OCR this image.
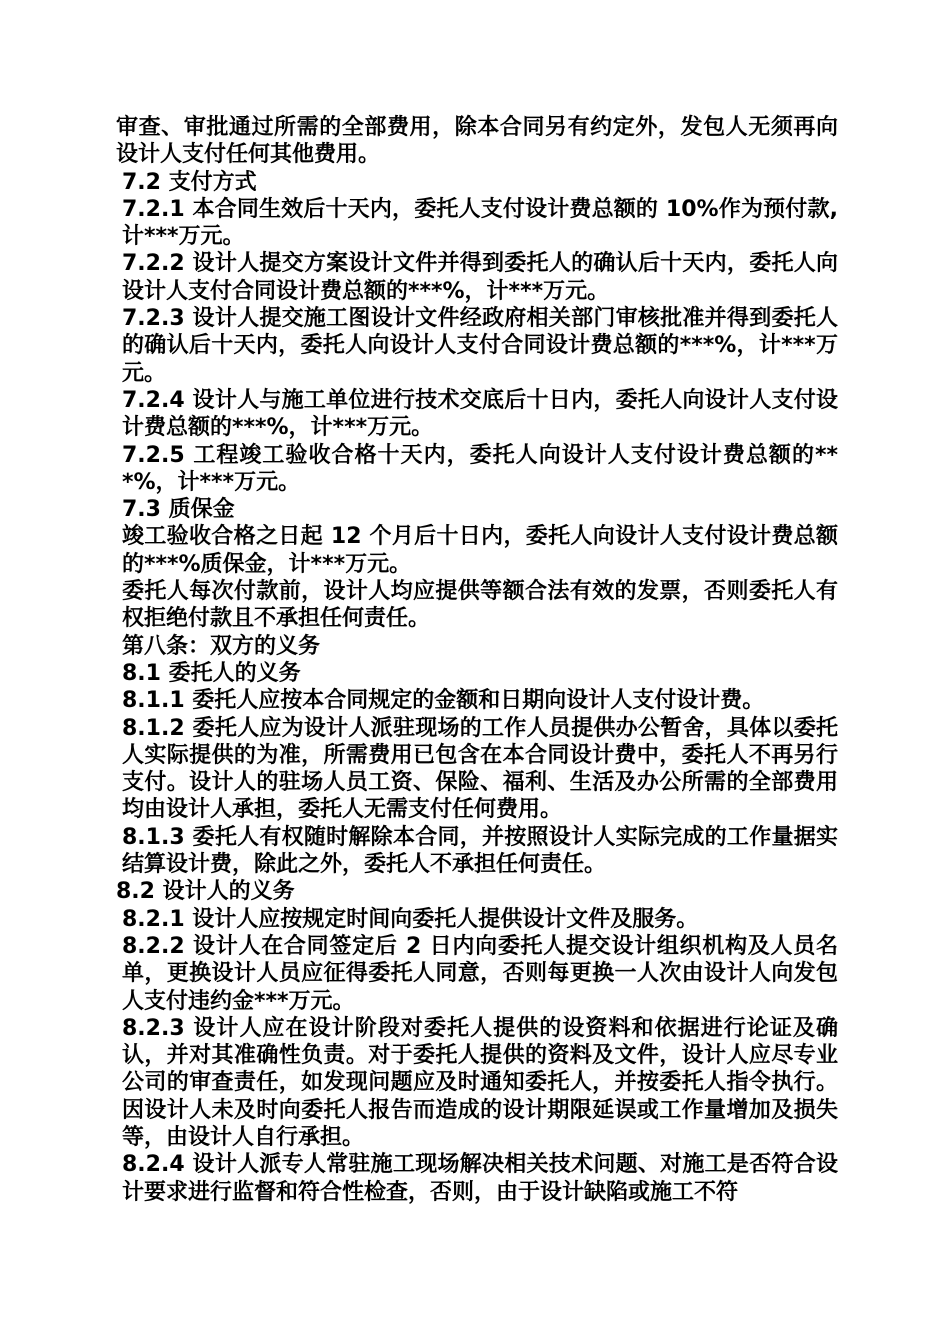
审查、审批通过所需的全部费用，除本合同另有约定外，发包人无须再向设计人支付任何其他费用。

7.2 支付方式

7.2.1 本合同生效后十天内，委托人支付设计费总额的 10%作为预付款,计***万元。

7.2.2 设计人提交方案设计文件并得到委托人的确认后十天内，委托人向设计人支付合同设计费总额的***%，计***万元。

7.2.3 设计人提交施工图设计文件经政府相关部门审核批准并得到委托人的确认后十天内，委托人向设计人支付合同设计费总额的***%，计***万元。

7.2.4 设计人与施工单位进行技术交底后十日内，委托人向设计人支付设计费总额的***%，计***万元。

7.2.5 工程竣工验收合格十天内，委托人向设计人支付设计费总额的***%，计***万元。

7.3 质保金

竣工验收合格之日起 12 个月后十日内，委托人向设计人支付设计费总额的***%质保金，计***万元。

委托人每次付款前，设计人均应提供等额合法有效的发票，否则委托人有权拒绝付款且不承担任何责任。

第八条：双方的义务

8.1 委托人的义务

8.1.1 委托人应按本合同规定的金额和日期向设计人支付设计费。

8.1.2 委托人应为设计人派驻现场的工作人员提供办公暂舍，具体以委托人实际提供的为准，所需费用已包含在本合同设计费中，委托人不再另行支付。设计人的驻场人员工资、保险、福利、生活及办公所需的全部费用均由设计人承担，委托人无需支付任何费用。

8.1.3 委托人有权随时解除本合同，并按照设计人实际完成的工作量据实结算设计费，除此之外，委托人不承担任何责任。

8.2 设计人的义务

8.2.1 设计人应按规定时间向委托人提供设计文件及服务。

8.2.2 设计人在合同签定后 2 日内向委托人提交设计组织机构及人员名单，更换设计人员应征得委托人同意，否则每更换一人次由设计人向发包人支付违约金***万元。

8.2.3 设计人应在设计阶段对委托人提供的设资料和依据进行论证及确认，并对其准确性负责。对于委托人提供的资料及文件，设计人应尽专业公司的审查责任，如发现问题应及时通知委托人，并按委托人指令执行。因设计人未及时向委托人报告而造成的设计期限延误或工作量增加及损失等，由设计人自行承担。

8.2.4 设计人派专人常驻施工现场解决相关技术问题、对施工是否符合设计要求进行监督和符合性检查，否则，由于设计缺陷或施工不符
